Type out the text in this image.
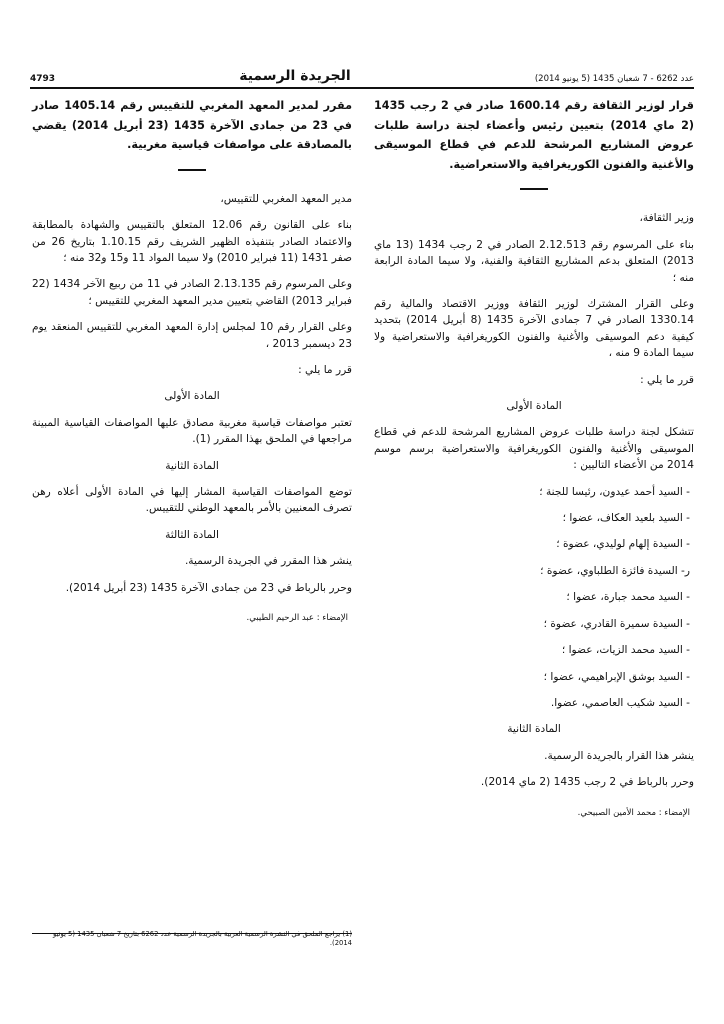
4793	الجريدة الرسمية	عدد 6262 - 7 شعبان 1435 (5 يونيو 2014)
قرار لوزير الثقافة رقم 1600.14 صادر في 2 رجب 1435 (2 ماي 2014) بتعيين رئيس وأعضاء لجنة دراسة طلبات عروض المشاريع المرشحة للدعم في قطاع الموسيقى والأغنية والفنون الكوريغرافية والاستعراضية.

وزير الثقافة،

بناء على المرسوم رقم 2.12.513 الصادر في 2 رجب 1434 (13 ماي 2013) المتعلق بدعم المشاريع الثقافية والفنية، ولا سيما المادة الرابعة منه ؛

وعلى القرار المشترك لوزير الثقافة ووزير الاقتصاد والمالية رقم 1330.14 الصادر في 7 جمادى الآخرة 1435 (8 أبريل 2014) بتحديد كيفية دعم الموسيقى والأغنية والفنون الكوريغرافية والاستعراضية ولا سيما المادة 9 منه ،

قرر ما يلي :

المادة الأولى

تتشكل لجنة دراسة طلبات عروض المشاريع المرشحة للدعم في قطاع الموسيقى والأغنية والفنون الكوريغرافية والاستعراضية برسم موسم 2014 من الأعضاء التاليين :

- السيد أحمد عيدون، رئيسا للجنة ؛
- السيد بلعيد العكاف، عضوا ؛
- السيدة إلهام لوليدي، عضوة ؛
ر- السيدة فائزة الطلباوي، عضوة ؛
- السيد محمد جبارة، عضوا ؛
- السيدة سميرة القادري، عضوة ؛
- السيد محمد الزيات، عضوا ؛
- السيد بوشق الإبراهيمي، عضوا ؛
- السيد شكيب العاصمي، عضوا.
المادة الثانية

ينشر هذا القرار بالجريدة الرسمية.

وحرر بالرباط في 2 رجب 1435 (2 ماي 2014).

الإمضاء : محمد الأمين الصبيحي.
مقرر لمدير المعهد المغربي للتقييس رقم 1405.14 صادر في 23 من جمادى الآخرة 1435 (23 أبريل 2014) يقضي بالمصادقة على مواصفات قياسية مغربية.

مدير المعهد المغربي للتقييس،

بناء على القانون رقم 12.06 المتعلق بالتقييس والشهادة بالمطابقة والاعتماد الصادر بتنفيذه الظهير الشريف رقم 1.10.15 بتاريخ 26 من صفر 1431 (11 فبراير 2010) ولا سيما المواد 11 و15 و32 منه ؛

وعلى المرسوم رقم 2.13.135 الصادر في 11 من ربيع الآخر 1434 (22 فبراير 2013) القاضي بتعيين مدير المعهد المغربي للتقييس ؛

وعلى القرار رقم 10 لمجلس إدارة المعهد المغربي للتقييس المنعقد يوم 23 ديسمبر 2013 ،

قرر ما يلي :

المادة الأولى

تعتبر مواصفات قياسية مغربية مصادق عليها المواصفات القياسية المبينة مراجعها في الملحق بهذا المقرر (1).

المادة الثانية

توضع المواصفات القياسية المشار إليها في المادة الأولى أعلاه رهن تصرف المعنيين بالأمر بالمعهد الوطني للتقييس.

المادة الثالثة

ينشر هذا المقرر في الجريدة الرسمية.

وحرر بالرباط في 23 من جمادى الآخرة 1435 (23 أبريل 2014).

الإمضاء : عبد الرحيم الطيبي.
(1) يراجع الملحق في النشرة الرسمية العربية بالجريدة الرسمية عدد 6262 بتاريخ 7 شعبان 1435 (5 يونيو 2014).
